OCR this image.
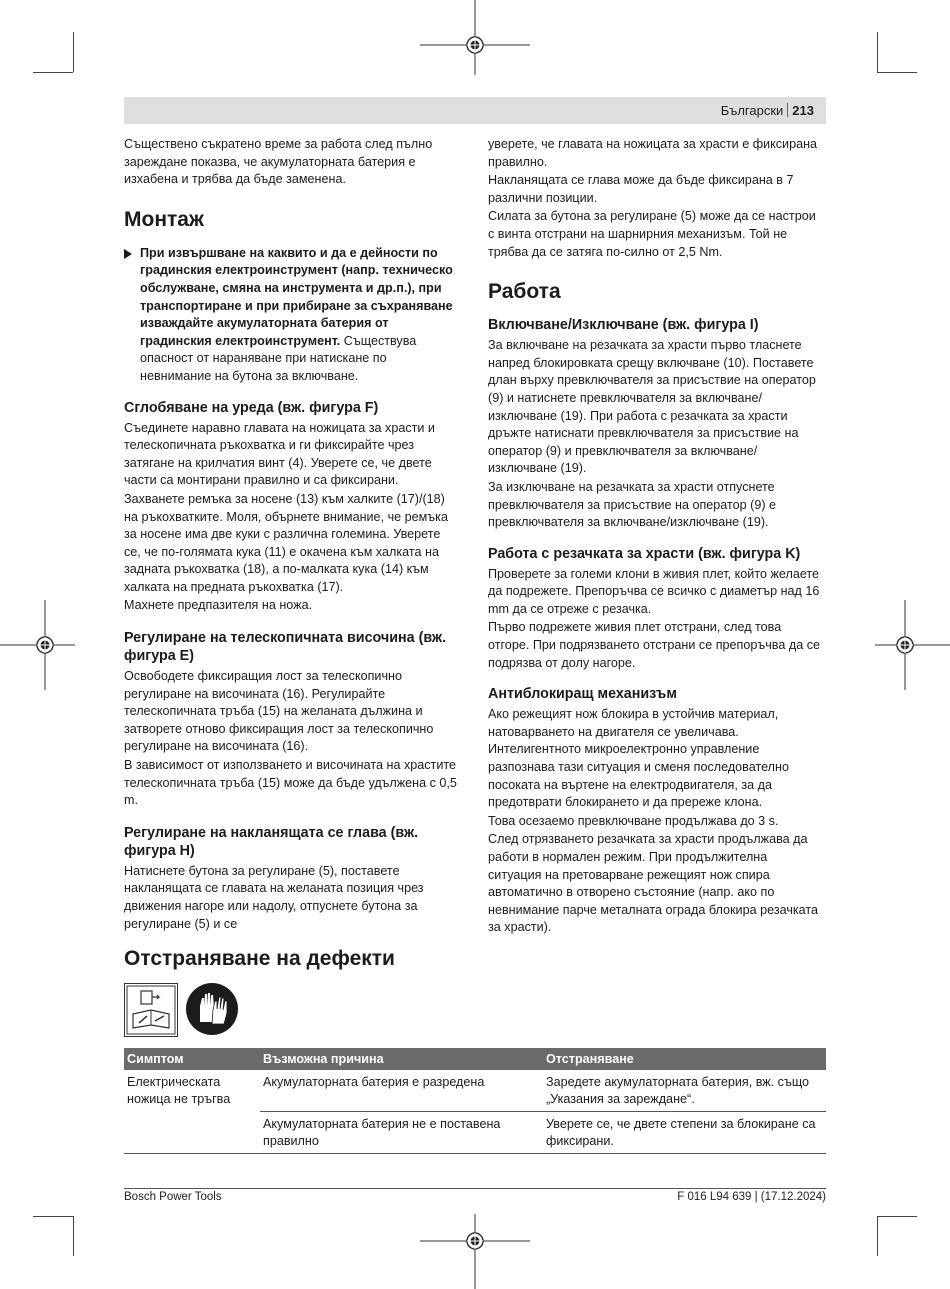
Български 213

Съществено съкратено време за работа след пълно зареждане показва, че акумулаторната батерия е изхабена и трябва да бъде заменена.

Монтаж

При извършване на каквито и да е дейности по градинския електроинструмент (напр. техническо обслужване, смяна на инструмента и др.п.), при транспортиране и при прибиране за съхраняване изваждайте акумулаторната батерия от градинския електроинструмент. Съществува опасност от нараняване при натискане по невнимание на бутона за включване.

Сглобяване на уреда (вж. фигура F)

Съединете наравно главата на ножицата за храсти и телескопичната ръкохватка и ги фиксирайте чрез затягане на крилчатия винт (4). Уверете се, че двете части са монтирани правилно и са фиксирани.

Захванете ремъка за носене (13) към халките (17)/(18) на ръкохватките. Моля, обърнете внимание, че ремъка за носене има две куки с различна големина. Уверете се, че по-голямата кука (11) е окачена към халката на задната ръкохватка (18), а по-малката кука (14) към халката на предната ръкохватка (17).

Махнете предпазителя на ножа.

Регулиране на телескопичната височина (вж. фигура E)

Освободете фиксиращия лост за телескопично регулиране на височината (16). Регулирайте телескопичната тръба (15) на желаната дължина и затворете отново фиксиращия лост за телескопично регулиране на височината (16).

В зависимост от използването и височината на храстите телескопичната тръба (15) може да бъде удължена с 0,5 m.

Регулиране на накланящата се глава (вж. фигура H)

Натиснете бутона за регулиране (5), поставете накланящата се главата на желаната позиция чрез движения нагоре или надолу, отпуснете бутона за регулиране (5) и се

уверете, че главата на ножицата за храсти е фиксирана правилно.

Накланящата се глава може да бъде фиксирана в 7 различни позиции.

Силата за бутона за регулиране (5) може да се настрои с винта отстрани на шарнирния механизъм. Той не трябва да се затяга по-силно от 2,5 Nm.

Работа
Включване/Изключване (вж. фигура I)

За включване на резачката за храсти първо тласнете напред блокировката срещу включване (10). Поставете длан върху превключвателя за присъствие на оператор (9) и натиснете превключвателя за включване/изключване (19). При работа с резачката за храсти дръжте натиснати превключвателя за присъствие на оператор (9) и превключвателя за включване/изключване (19).

За изключване на резачката за храсти отпуснете превключвателя за присъствие на оператор (9) е превключвателя за включване/изключване (19).

Работа с резачката за храсти (вж. фигура K)

Проверете за големи клони в живия плет, който желаете да подрежете. Препоръчва се всичко с диаметър над 16 mm да се отреже с резачка.

Първо подрежете живия плет отстрани, след това отгоре. При подрязването отстрани се препоръчва да се подрязва от долу нагоре.

Антиблокиращ механизъм

Ако режещият нож блокира в устойчив материал, натоварването на двигателя се увеличава. Интелигентното микроелектронно управление разпознава тази ситуация и сменя последователно посоката на въртене на електродвигателя, за да предотврати блокирането и да прережe клона.

Това осезаемо превключване продължава до 3 s.

След отрязването резачката за храсти продължава да работи в нормален режим. При продължителна ситуация на претоварване режещият нож спира автоматично в отворено състояние (напр. ако по невнимание парче металната ограда блокира резачката за храсти).

Отстраняване на дефекти
Симптом	Възможна причина	Отстраняване
Електрическата ножица не тръгва	Акумулаторната батерия е разредена	Заредете акумулаторната батерия, вж. също „Указания за зареждане“.
	Акумулаторната батерия не е поставена правилно	Уверете се, че двете степени за блокиране са фиксирани.
Bosch Power Tools	F 016 L94 639 | (17.12.2024)
